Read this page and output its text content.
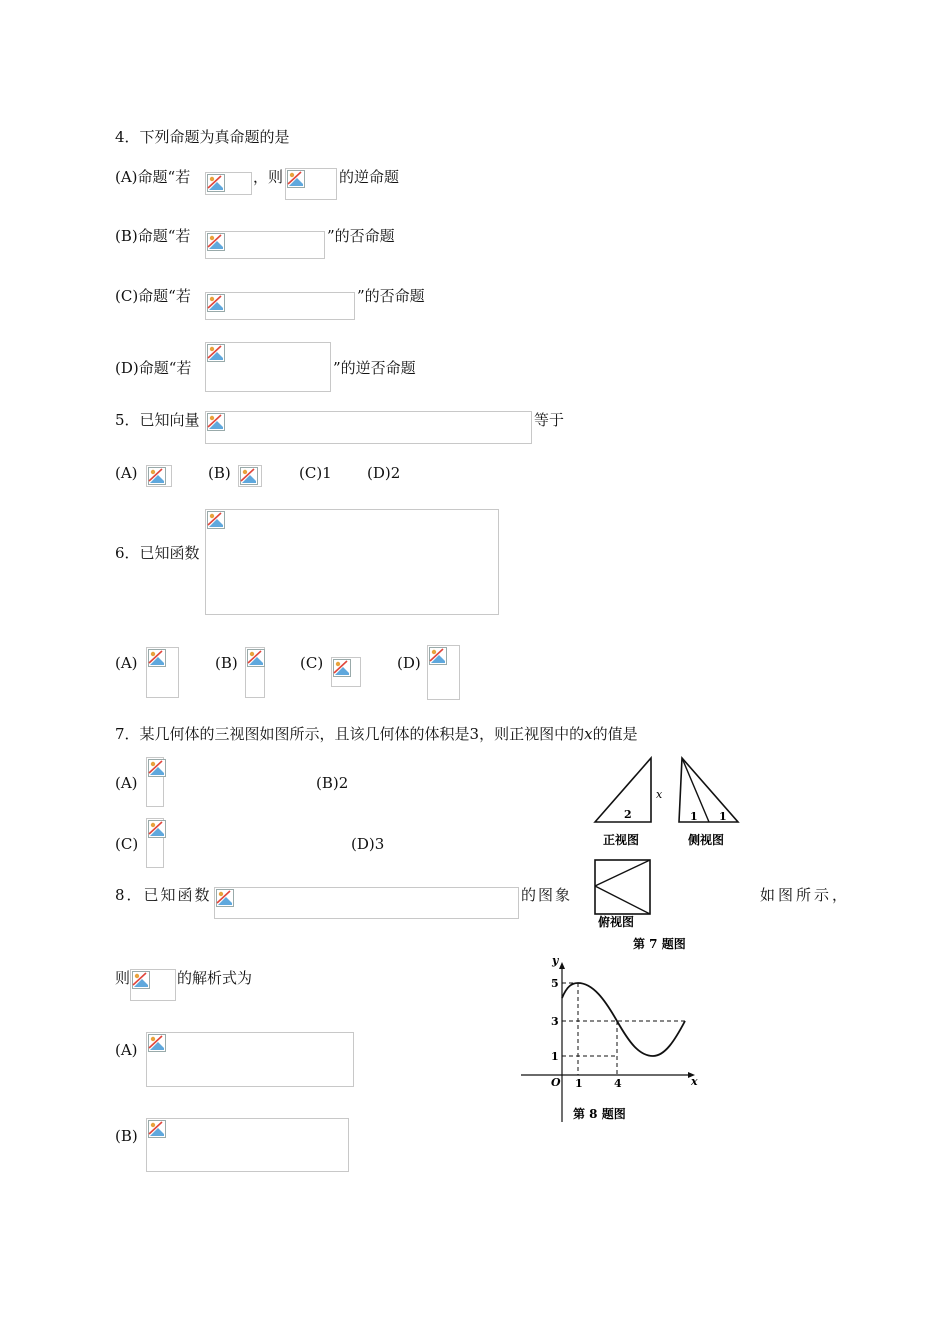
4．下列命题为真命题的是
(A)命题“若	，则	的逆命题
(B)命题“若	”的否命题
(C)命题“若	”的否命题
(D)命题“若	”的逆否命题
5．已知向量	等于
(A)	(B)	(C)1 (D)2
6．已知函数
(A)	(B)	(C)	(D)
7．某几何体的三视图如图所示，且该几何体的体积是3，则正视图中的x的值是
(A)	(B)2
(C)	(D)3
8．已知函数	的图象	如图所示，
则	的解析式为
(A)
(B)
2
x
正视图
1 1
侧视图
俯视图
第 7 题图
y
x
O
5
3
1
1	4
第 8 题图
